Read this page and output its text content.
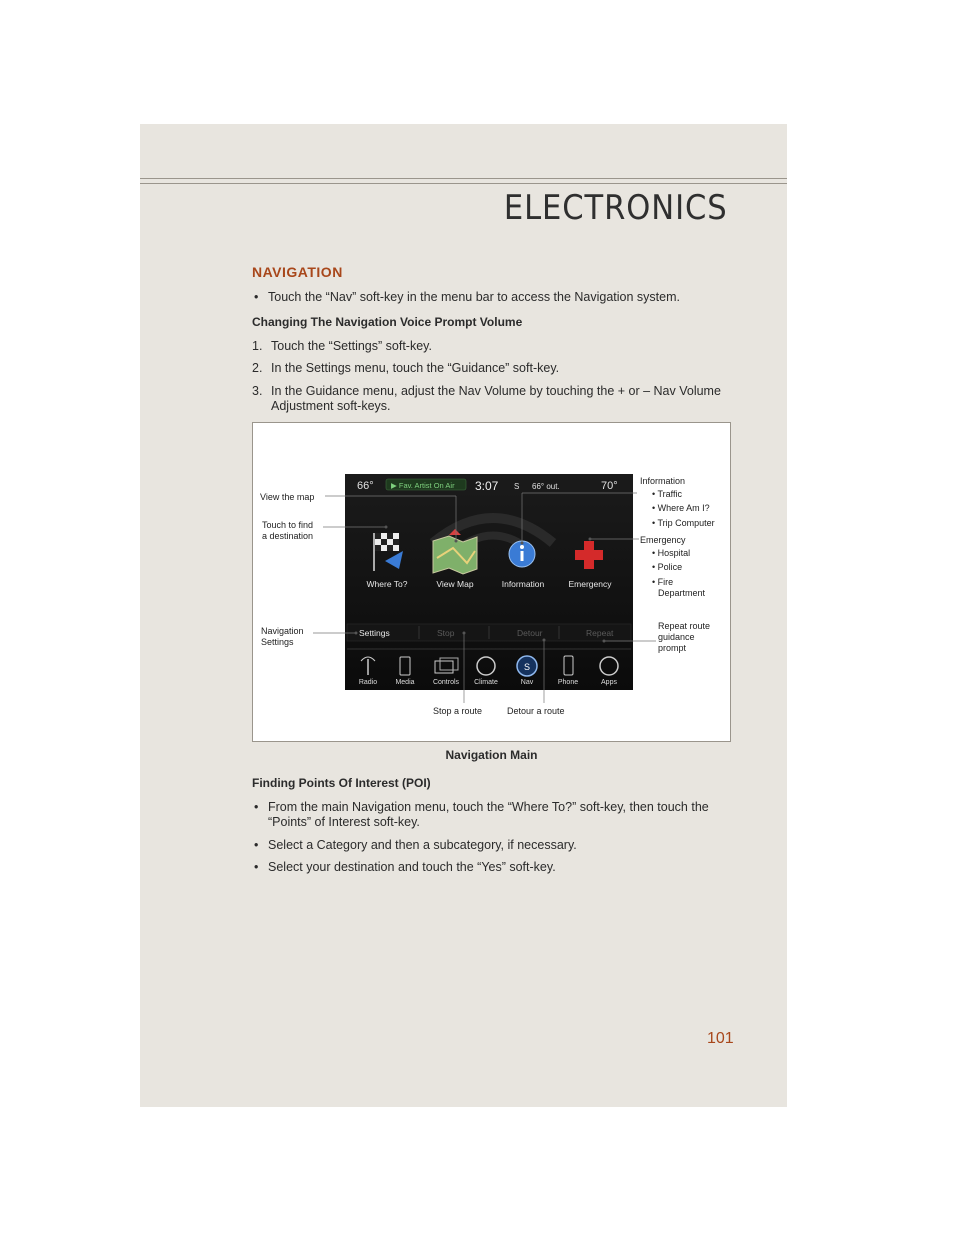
ELECTRONICS
NAVIGATION
• Touch the “Nav” soft-key in the menu bar to access the Navigation system.
Changing The Navigation Voice Prompt Volume
1. Touch the “Settings” soft-key.
2. In the Settings menu, touch the “Guidance” soft-key.
3. In the Guidance menu, adjust the Nav Volume by touching the + or – Nav Volume Adjustment soft-keys.
66° ▶ Fav. Artist On Air 3:07 S 66° out.	70°
Where To?	View Map	Information	Emergency
Settings	Stop	Detour	Repeat
S
Radio	Media	Controls Climate	Nav	Phone	Apps
View the map
Touch to find
a destination
Navigation
Settings
Stop a route	Detour a route
Information
• Traffic
• Where Am I?
• Trip Computer
Emergency
• Hospital
• Police
• Fire
Department
Repeat route
guidance
prompt
Navigation Main
Finding Points Of Interest (POI)
• From the main Navigation menu, touch the “Where To?” soft-key, then touch the “Points” of Interest soft-key.
• Select a Category and then a subcategory, if necessary.
• Select your destination and touch the “Yes” soft-key.
101
